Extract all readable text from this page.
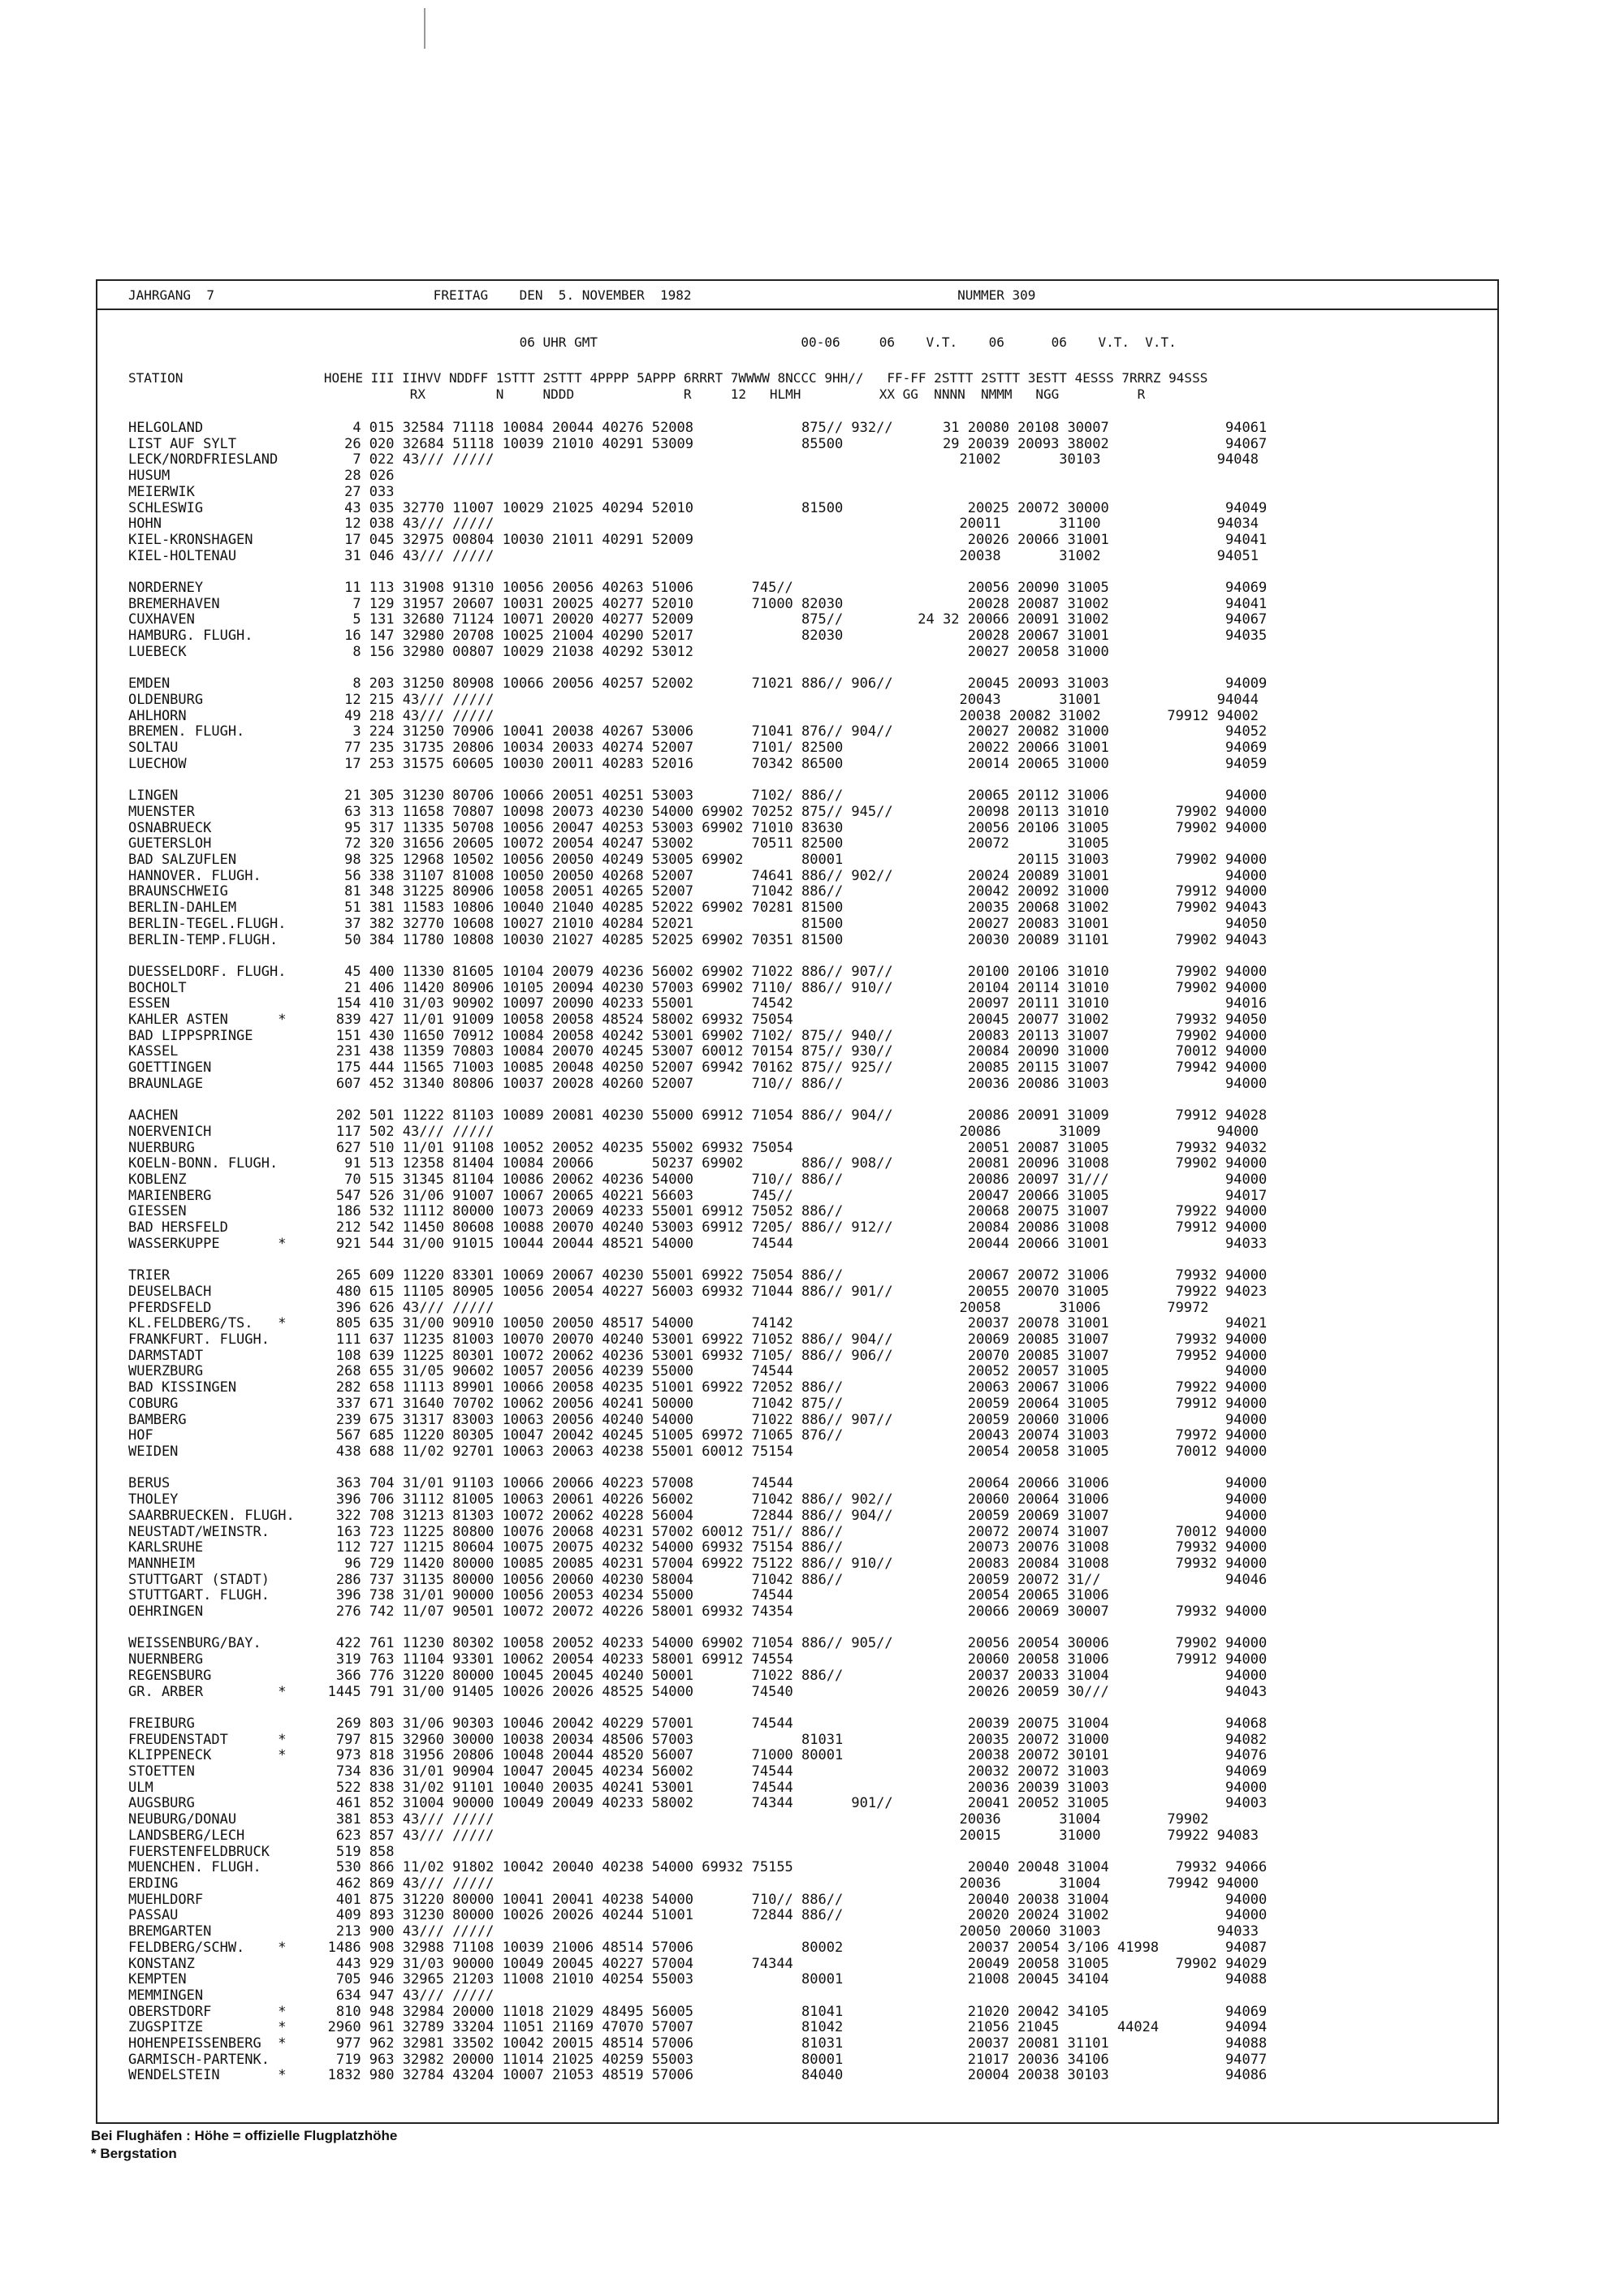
JAHRGANG  7                            FREITAG    DEN  5. NOVEMBER  1982                                  NUMMER 309
06 UHR GMT                          00-06     06    V.T.    06      06    V.T.  V.T.
STATION                  HOEHE III IIHVV NDDFF 1STTT 2STTT 4PPPP 5APPP 6RRRT 7WWWW 8NCCC 9HH//   FF-FF 2STTT 2STTT 3ESTT 4ESSS 7RRRZ 94SSS
RX         N     NDDD              R     12   HLMH          XX GG  NNNN  NMMM   NGG          R
HELGOLAND                  4 015 32584 71118 10084 20044 40276 52008             875// 932//      31 20080 20108 30007              94061
LIST AUF SYLT             26 020 32684 51118 10039 21010 40291 53009             85500            29 20039 20093 38002              94067
LECK/NORDFRIESLAND         7 022 43/// /////                                                        21002       30103              94048
HUSUM                     28 026
MEIERWIK                  27 033
SCHLESWIG                 43 035 32770 11007 10029 21025 40294 52010             81500               20025 20072 30000              94049
HOHN                      12 038 43/// /////                                                        20011       31100              94034
KIEL-KRONSHAGEN           17 045 32975 00804 10030 21011 40291 52009                                 20026 20066 31001              94041
KIEL-HOLTENAU             31 046 43/// /////                                                        20038       31002              94051

NORDERNEY                 11 113 31908 91310 10056 20056 40263 51006       745//                     20056 20090 31005              94069
BREMERHAVEN                7 129 31957 20607 10031 20025 40277 52010       71000 82030               20028 20087 31002              94041
CUXHAVEN                   5 131 32680 71124 10071 20020 40277 52009             875//         24 32 20066 20091 31002              94067
HAMBURG. FLUGH.           16 147 32980 20708 10025 21004 40290 52017             82030               20028 20067 31001              94035
LUEBECK                    8 156 32980 00807 10029 21038 40292 53012                                 20027 20058 31000

EMDEN                      8 203 31250 80908 10066 20056 40257 52002       71021 886// 906//         20045 20093 31003              94009
OLDENBURG                 12 215 43/// /////                                                        20043       31001              94044
AHLHORN                   49 218 43/// /////                                                        20038 20082 31002        79912 94002
BREMEN. FLUGH.             3 224 31250 70906 10041 20038 40267 53006       71041 876// 904//         20027 20082 31000              94052
SOLTAU                    77 235 31735 20806 10034 20033 40274 52007       7101/ 82500               20022 20066 31001              94069
LUECHOW                   17 253 31575 60605 10030 20011 40283 52016       70342 86500               20014 20065 31000              94059

LINGEN                    21 305 31230 80706 10066 20051 40251 53003       7102/ 886//               20065 20112 31006              94000
MUENSTER                  63 313 11658 70807 10098 20073 40230 54000 69902 70252 875// 945//         20098 20113 31010        79902 94000
OSNABRUECK                95 317 11335 50708 10056 20047 40253 53003 69902 71010 83630               20056 20106 31005        79902 94000
GUETERSLOH                72 320 31656 20605 10072 20054 40247 53002       70511 82500               20072       31005
BAD SALZUFLEN             98 325 12968 10502 10056 20050 40249 53005 69902       80001                     20115 31003        79902 94000
HANNOVER. FLUGH.          56 338 31107 81008 10050 20050 40268 52007       74641 886// 902//         20024 20089 31001              94000
BRAUNSCHWEIG              81 348 31225 80906 10058 20051 40265 52007       71042 886//               20042 20092 31000        79912 94000
BERLIN-DAHLEM             51 381 11583 10806 10040 21040 40285 52022 69902 70281 81500               20035 20068 31002        79902 94043
BERLIN-TEGEL.FLUGH.       37 382 32770 10608 10027 21010 40284 52021             81500               20027 20083 31001              94050
BERLIN-TEMP.FLUGH.        50 384 11780 10808 10030 21027 40285 52025 69902 70351 81500               20030 20089 31101        79902 94043

DUESSELDORF. FLUGH.       45 400 11330 81605 10104 20079 40236 56002 69902 71022 886// 907//         20100 20106 31010        79902 94000
BOCHOLT                   21 406 11420 80906 10105 20094 40230 57003 69902 7110/ 886// 910//         20104 20114 31010        79902 94000
ESSEN                    154 410 31/03 90902 10097 20090 40233 55001       74542                     20097 20111 31010              94016
KAHLER ASTEN      *      839 427 11/01 91009 10058 20058 48524 58002 69932 75054                     20045 20077 31002        79932 94050
BAD LIPPSPRINGE          151 430 11650 70912 10084 20058 40242 53001 69902 7102/ 875// 940//         20083 20113 31007        79902 94000
KASSEL                   231 438 11359 70803 10084 20070 40245 53007 60012 70154 875// 930//         20084 20090 31000        70012 94000
GOETTINGEN               175 444 11565 71003 10085 20048 40250 52007 69942 70162 875// 925//         20085 20115 31007        79942 94000
BRAUNLAGE                607 452 31340 80806 10037 20028 40260 52007       710// 886//               20036 20086 31003              94000

AACHEN                   202 501 11222 81103 10089 20081 40230 55000 69912 71054 886// 904//         20086 20091 31009        79912 94028
NOERVENICH               117 502 43/// /////                                                        20086       31009              94000
NUERBURG                 627 510 11/01 91108 10052 20052 40235 55002 69932 75054                     20051 20087 31005        79932 94032
KOELN-BONN. FLUGH.        91 513 12358 81404 10084 20066       50237 69902       886// 908//         20081 20096 31008        79902 94000
KOBLENZ                   70 515 31345 81104 10086 20062 40236 54000       710// 886//               20086 20097 31///              94000
MARIENBERG               547 526 31/06 91007 10067 20065 40221 56603       745//                     20047 20066 31005              94017
GIESSEN                  186 532 11112 80000 10073 20069 40233 55001 69912 75052 886//               20068 20075 31007        79922 94000
BAD HERSFELD             212 542 11450 80608 10088 20070 40240 53003 69912 7205/ 886// 912//         20084 20086 31008        79912 94000
WASSERKUPPE       *      921 544 31/00 91015 10044 20044 48521 54000       74544                     20044 20066 31001              94033

TRIER                    265 609 11220 83301 10069 20067 40230 55001 69922 75054 886//               20067 20072 31006        79932 94000
DEUSELBACH               480 615 11105 80905 10056 20054 40227 56003 69932 71044 886// 901//         20055 20070 31005        79922 94023
PFERDSFELD               396 626 43/// /////                                                        20058       31006        79972
KL.FELDBERG/TS.   *      805 635 31/00 90910 10050 20050 48517 54000       74142                     20037 20078 31001              94021
FRANKFURT. FLUGH.        111 637 11235 81003 10070 20070 40240 53001 69922 71052 886// 904//         20069 20085 31007        79932 94000
DARMSTADT                108 639 11225 80301 10072 20062 40236 53001 69932 7105/ 886// 906//         20070 20085 31007        79952 94000
WUERZBURG                268 655 31/05 90602 10057 20056 40239 55000       74544                     20052 20057 31005              94000
BAD KISSINGEN            282 658 11113 89901 10066 20058 40235 51001 69922 72052 886//               20063 20067 31006        79922 94000
COBURG                   337 671 31640 70702 10062 20056 40241 50000       71042 875//               20059 20064 31005        79912 94000
BAMBERG                  239 675 31317 83003 10063 20056 40240 54000       71022 886// 907//         20059 20060 31006              94000
HOF                      567 685 11220 80305 10047 20042 40245 51005 69972 71065 876//               20043 20074 31003        79972 94000
WEIDEN                   438 688 11/02 92701 10063 20063 40238 55001 60012 75154                     20054 20058 31005        70012 94000

BERUS                    363 704 31/01 91103 10066 20066 40223 57008       74544                     20064 20066 31006              94000
THOLEY                   396 706 31112 81005 10063 20061 40226 56002       71042 886// 902//         20060 20064 31006              94000
SAARBRUECKEN. FLUGH.     322 708 31213 81303 10072 20062 40228 56004       72844 886// 904//         20059 20069 31007              94000
NEUSTADT/WEINSTR.        163 723 11225 80800 10076 20068 40231 57002 60012 751// 886//               20072 20074 31007        70012 94000
KARLSRUHE                112 727 11215 80604 10075 20075 40232 54000 69932 75154 886//               20073 20076 31008        79932 94000
MANNHEIM                  96 729 11420 80000 10085 20085 40231 57004 69922 75122 886// 910//         20083 20084 31008        79932 94000
STUTTGART (STADT)        286 737 31135 80000 10056 20060 40230 58004       71042 886//               20059 20072 31//               94046
STUTTGART. FLUGH.        396 738 31/01 90000 10056 20053 40234 55000       74544                     20054 20065 31006
OEHRINGEN                276 742 11/07 90501 10072 20072 40226 58001 69932 74354                     20066 20069 30007        79932 94000

WEISSENBURG/BAY.         422 761 11230 80302 10058 20052 40233 54000 69902 71054 886// 905//         20056 20054 30006        79902 94000
NUERNBERG                319 763 11104 93301 10062 20054 40233 58001 69912 74554                     20060 20058 31006        79912 94000
REGENSBURG               366 776 31220 80000 10045 20045 40240 50001       71022 886//               20037 20033 31004              94000
GR. ARBER         *     1445 791 31/00 91405 10026 20026 48525 54000       74540                     20026 20059 30///              94043

FREIBURG                 269 803 31/06 90303 10046 20042 40229 57001       74544                     20039 20075 31004              94068
FREUDENSTADT      *      797 815 32960 30000 10038 20034 48506 57003             81031               20035 20072 31000              94082
KLIPPENECK        *      973 818 31956 20806 10048 20044 48520 56007       71000 80001               20038 20072 30101              94076
STOETTEN                 734 836 31/01 90904 10047 20045 40234 56002       74544                     20032 20072 31003              94069
ULM                      522 838 31/02 91101 10040 20035 40241 53001       74544                     20036 20039 31003              94000
AUGSBURG                 461 852 31004 90000 10049 20049 40233 58002       74344       901//         20041 20052 31005              94003
NEUBURG/DONAU            381 853 43/// /////                                                        20036       31004        79902
LANDSBERG/LECH           623 857 43/// /////                                                        20015       31000        79922 94083
FUERSTENFELDBRUCK        519 858
MUENCHEN. FLUGH.         530 866 11/02 91802 10042 20040 40238 54000 69932 75155                     20040 20048 31004        79932 94066
ERDING                   462 869 43/// /////                                                        20036       31004        79942 94000
MUEHLDORF                401 875 31220 80000 10041 20041 40238 54000       710// 886//               20040 20038 31004              94000
PASSAU                   409 893 31230 80000 10026 20026 40244 51001       72844 886//               20020 20024 31002              94000
BREMGARTEN               213 900 43/// /////                                                        20050 20060 31003              94033
FELDBERG/SCHW.    *     1486 908 32988 71108 10039 21006 48514 57006             80002               20037 20054 3/106 41998        94087
KONSTANZ                 443 929 31/03 90000 10049 20045 40227 57004       74344                     20049 20058 31005        79902 94029
KEMPTEN                  705 946 32965 21203 11008 21010 40254 55003             80001               21008 20045 34104              94088
MEMMINGEN                634 947 43/// /////
OBERSTDORF        *      810 948 32984 20000 11018 21029 48495 56005             81041               21020 20042 34105              94069
ZUGSPITZE         *     2960 961 32789 33204 11051 21169 47070 57007             81042               21056 21045       44024        94094
HOHENPEISSENBERG  *      977 962 32981 33502 10042 20015 48514 57006             81031               20037 20081 31101              94088
GARMISCH-PARTENK.        719 963 32982 20000 11014 21025 40259 55003             80001               21017 20036 34106              94077
WENDELSTEIN       *     1832 980 32784 43204 10007 21053 48519 57006             84040               20004 20038 30103              94086
Bei Flughäfen : Höhe = offizielle Flugplatzhöhe
* Bergstation
